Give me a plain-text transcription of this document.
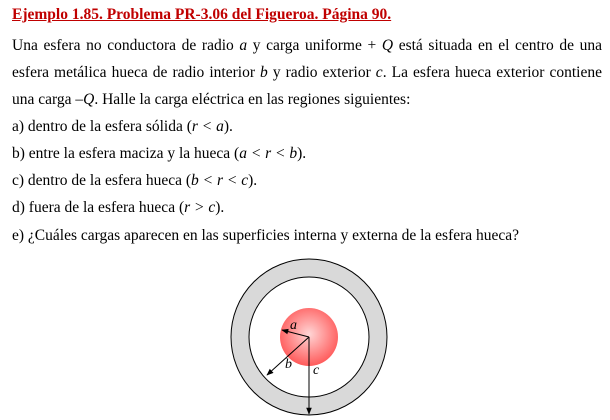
Ejemplo 1.85. Problema PR-3.06 del Figueroa. Página 90.

Una esfera no conductora de radio a y carga uniforme + Q está situada en el centro de una esfera metálica hueca de radio interior b y radio exterior c. La esfera hueca exterior contiene una carga –Q. Halle la carga eléctrica en las regiones siguientes:

a) dentro de la esfera sólida (r < a).
b) entre la esfera maciza y la hueca (a < r < b).
c) dentro de la esfera hueca (b < r < c).
d) fuera de la esfera hueca (r > c).
e) ¿Cuáles cargas aparecen en las superficies interna y externa de la esfera hueca?
a
b c
